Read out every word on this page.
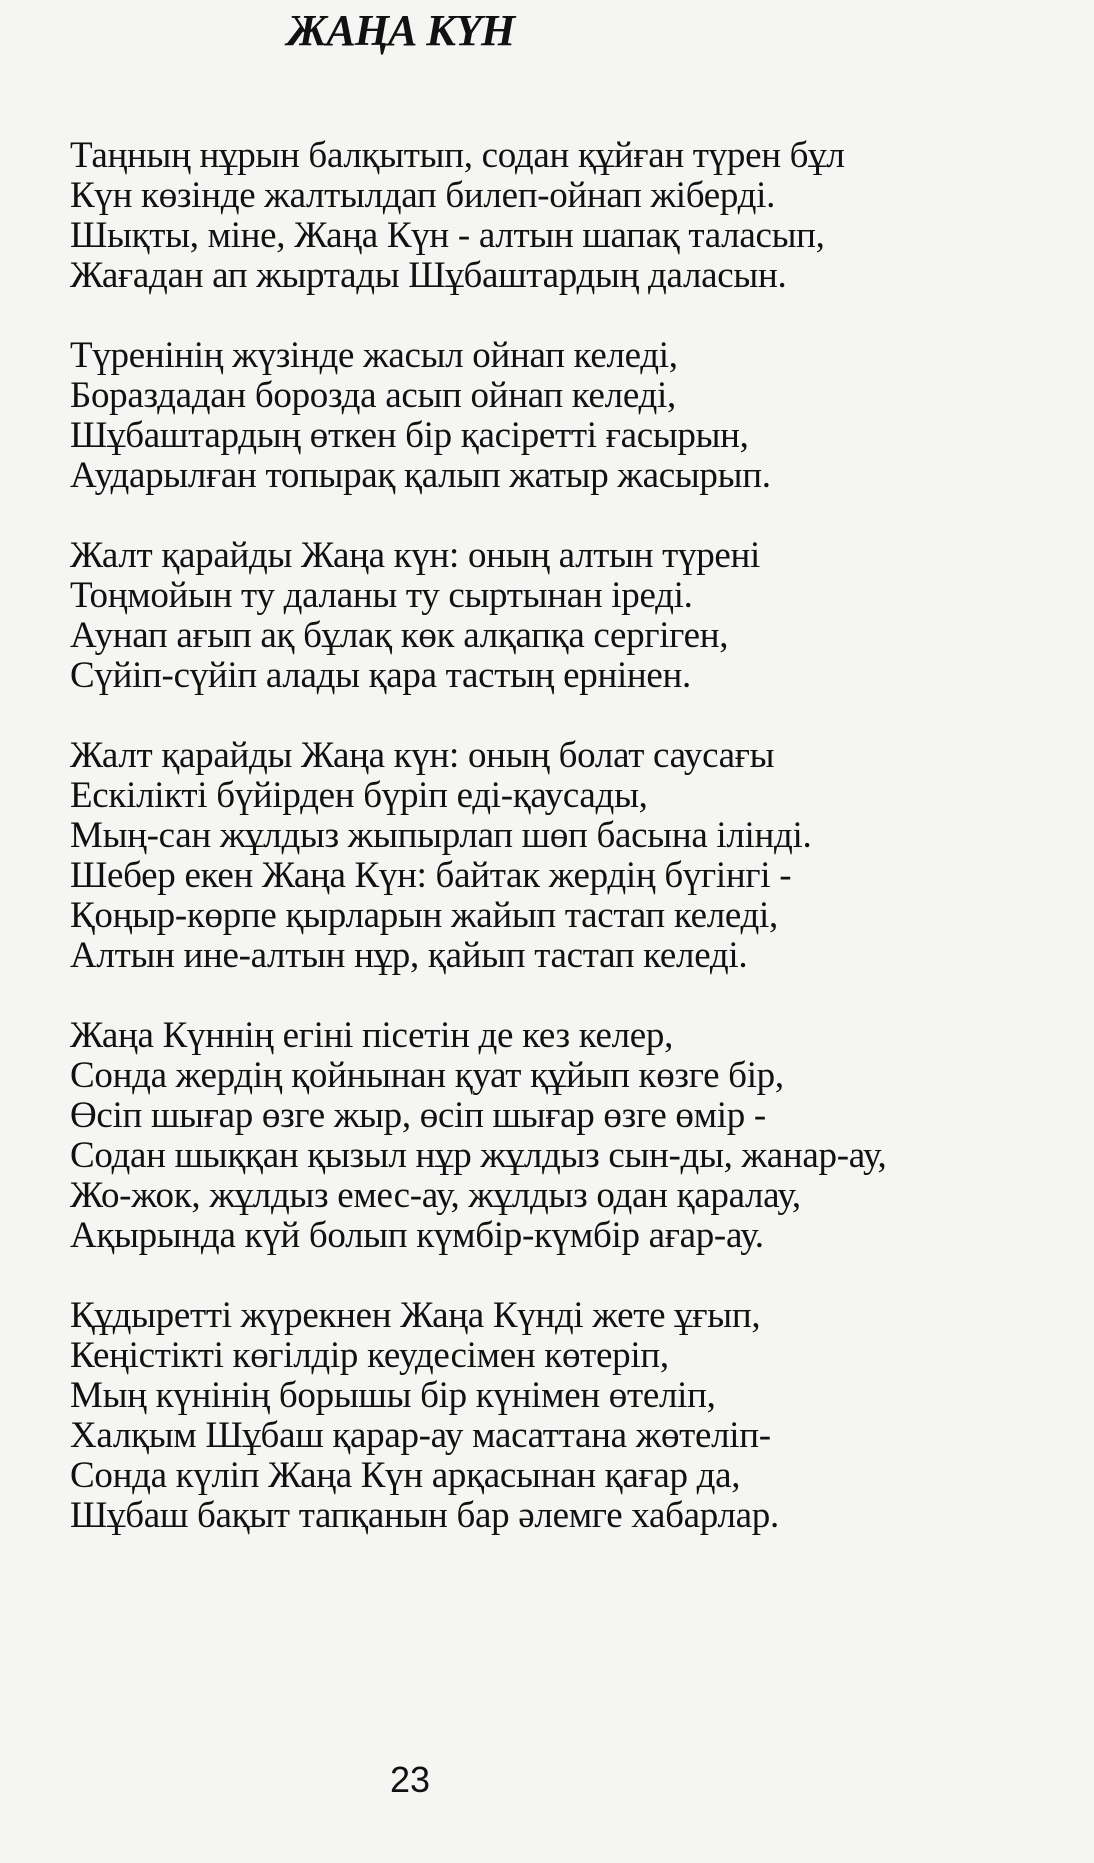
ЖАҢА КҮН
Таңның нұрын балқытып, содан құйған түрен бұл
Күн көзінде жалтылдап билеп-ойнап жіберді.
Шықты, міне, Жаңа Күн - алтын шапақ таласып,
Жағадан ап жыртады Шұбаштардың даласын.
Түренінің жүзінде жасыл ойнап келеді,
Бораздадан борозда асып ойнап келеді,
Шұбаштардың өткен бір қасіретті ғасырын,
Аударылған топырақ қалып жатыр жасырып.
Жалт қарайды Жаңа күн: оның алтын түрені
Тоңмойын ту даланы ту сыртынан іреді.
Аунап ағып ақ бұлақ көк алқапқа сергіген,
Сүйіп-сүйіп алады қара тастың ернінен.
Жалт қарайды Жаңа күн: оның болат саусағы
Ескілікті бүйірден бүріп еді-қаусады,
Мың-сан жұлдыз жыпырлап шөп басына ілінді.
Шебер екен Жаңа Күн: байтак жердің бүгінгі -
Қоңыр-көрпе қырларын жайып тастап келеді,
Алтын ине-алтын нұр, қайып тастап келеді.
Жаңа Күннің егіні пісетін де кез келер,
Сонда жердің қойнынан қуат құйып көзге бір,
Өсіп шығар өзге жыр, өсіп шығар өзге өмір -
Содан шыққан қызыл нұр жұлдыз сын-ды, жанар-ау,
Жо-жок, жұлдыз емес-ау, жұлдыз одан қаралау,
Ақырында күй болып күмбір-күмбір ағар-ау.
Құдыретті жүрекнен Жаңа Күнді жете ұғып,
Кеңістікті көгілдір кеудесімен көтеріп,
Мың күнінің борышы бір күнімен өтеліп,
Халқым Шұбаш қарар-ау масаттана жөтеліп-
Сонда күліп Жаңа Күн арқасынан қағар да,
Шұбаш бақыт тапқанын бар әлемге хабарлар.
23
